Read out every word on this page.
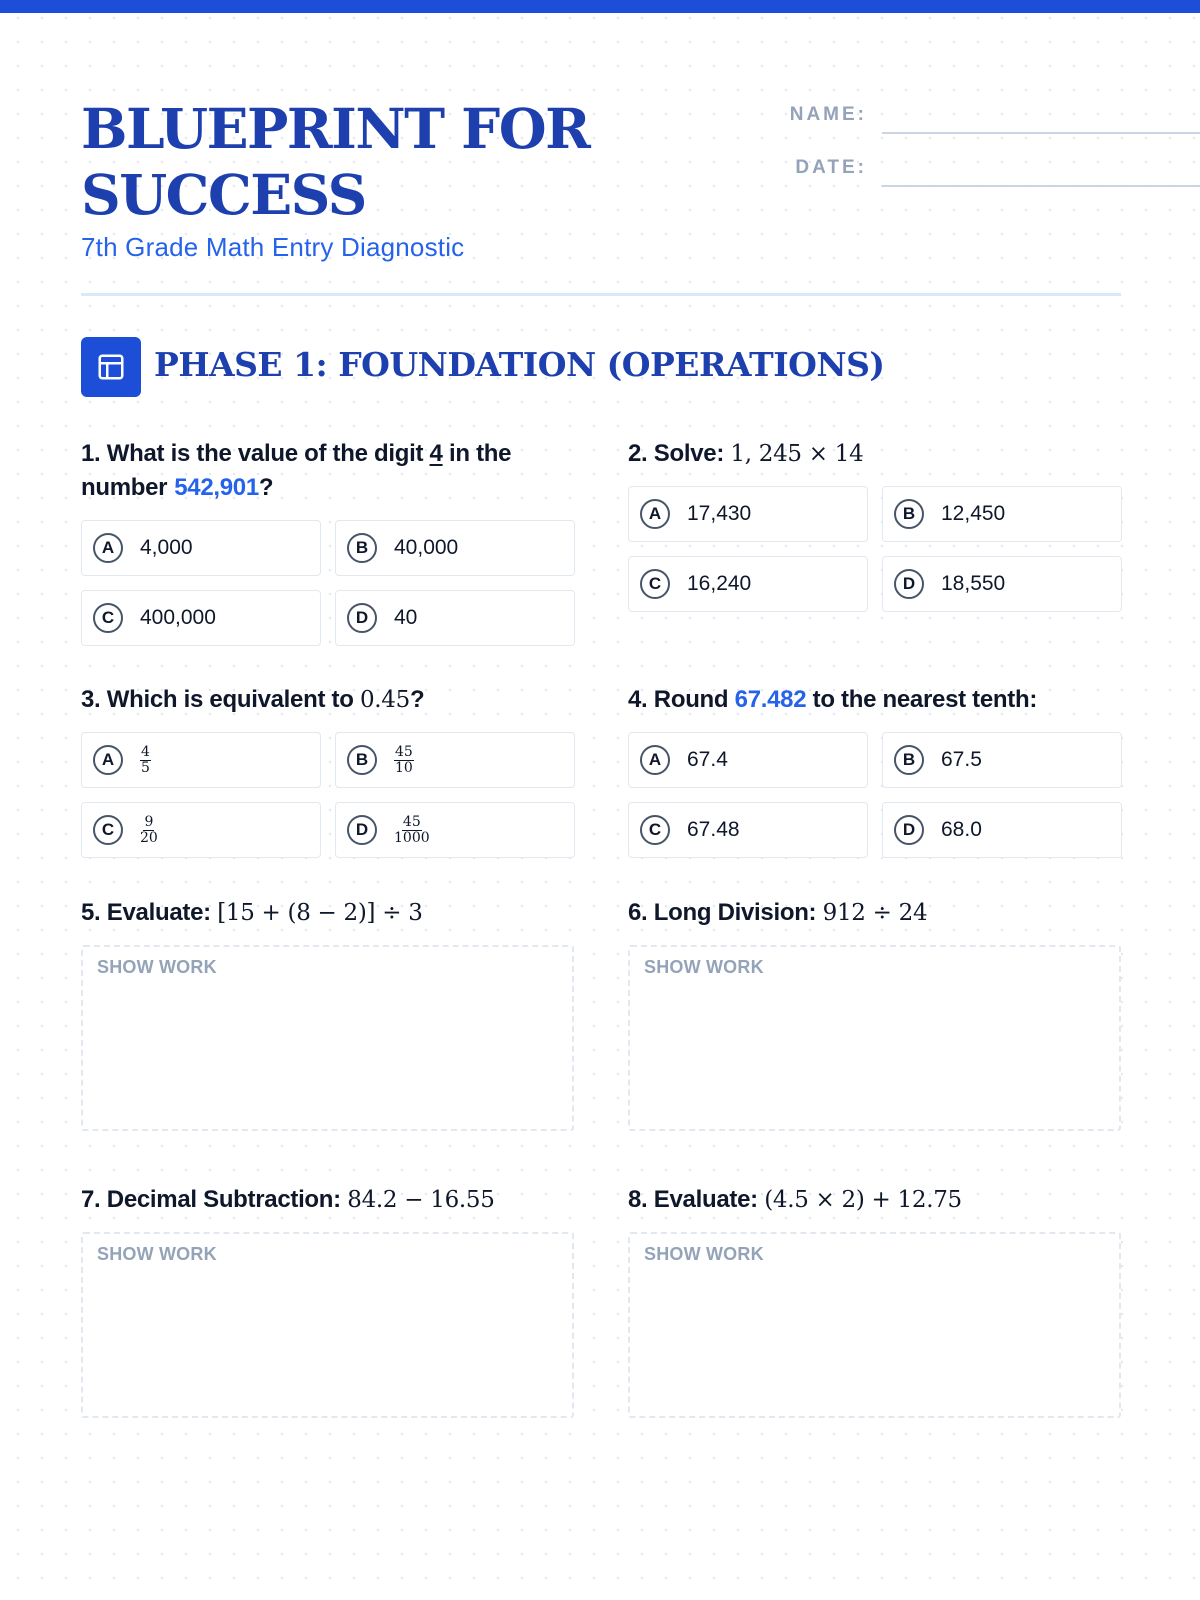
BLUEPRINT FOR
SUCCESS
7th Grade Math Entry Diagnostic
NAME:
DATE:
PHASE 1: FOUNDATION (OPERATIONS)
1. What is the value of the digit 4 in the number 542,901?
A	4,000	B	40,000
C	400,000	D	40
2. Solve: 1, 245 × 14
A	17,430	B	12,450
C	16,240	D	18,550
3. Which is equivalent to 0.45?
A	$\frac{4}{5}$	B	$\frac{45}{10}$
C	$\frac{9}{20}$	D	$\frac{45}{1000}$
4. Round 67.482 to the nearest tenth:
A	67.4	B	67.5
C	67.48	D	68.0
5. Evaluate: [15 + (8 − 2)] ÷ 3
SHOW WORK
6. Long Division: 912 ÷ 24
SHOW WORK
7. Decimal Subtraction: 84.2 − 16.55
SHOW WORK
8. Evaluate: (4.5 × 2) + 12.75
SHOW WORK
